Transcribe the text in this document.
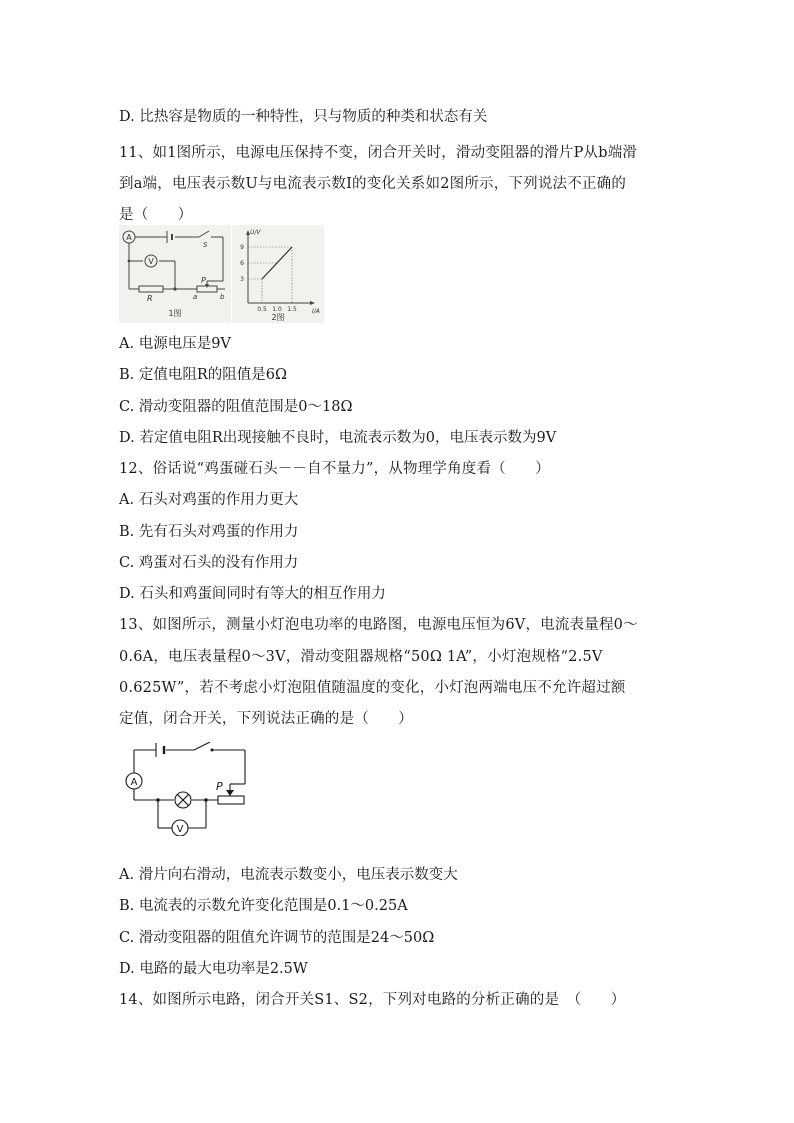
D. 比热容是物质的一种特性，只与物质的种类和状态有关
11、如1图所示，电源电压保持不变，闭合开关时，滑动变阻器的滑片P从b端滑
到a端，电压表示数U与电流表示数I的变化关系如2图所示，下列说法不正确的
是（　　）
A
V
S
R
P
a	b
1图
U/V
I/A
9
6
3
0.5 1.0 1.5
2图
A. 电源电压是9V
B. 定值电阻R的阻值是6Ω
C. 滑动变阻器的阻值范围是0～18Ω
D. 若定值电阻R出现接触不良时，电流表示数为0，电压表示数为9V
12、俗话说“鸡蛋碰石头－－自不量力”，从物理学角度看（　　）
A. 石头对鸡蛋的作用力更大
B. 先有石头对鸡蛋的作用力
C. 鸡蛋对石头的没有作用力
D. 石头和鸡蛋间同时有等大的相互作用力
13、如图所示，测量小灯泡电功率的电路图，电源电压恒为6V，电流表量程0～
0.6A，电压表量程0～3V，滑动变阻器规格“50Ω 1A”，小灯泡规格“2.5V
0.625W”，若不考虑小灯泡阻值随温度的变化，小灯泡两端电压不允许超过额
定值，闭合开关，下列说法正确的是（　　）
A
V
P
A. 滑片向右滑动，电流表示数变小，电压表示数变大
B. 电流表的示数允许变化范围是0.1～0.25A
C. 滑动变阻器的阻值允许调节的范围是24～50Ω
D. 电路的最大电功率是2.5W
14、如图所示电路，闭合开关S1、S2，下列对电路的分析正确的是　（　　）
